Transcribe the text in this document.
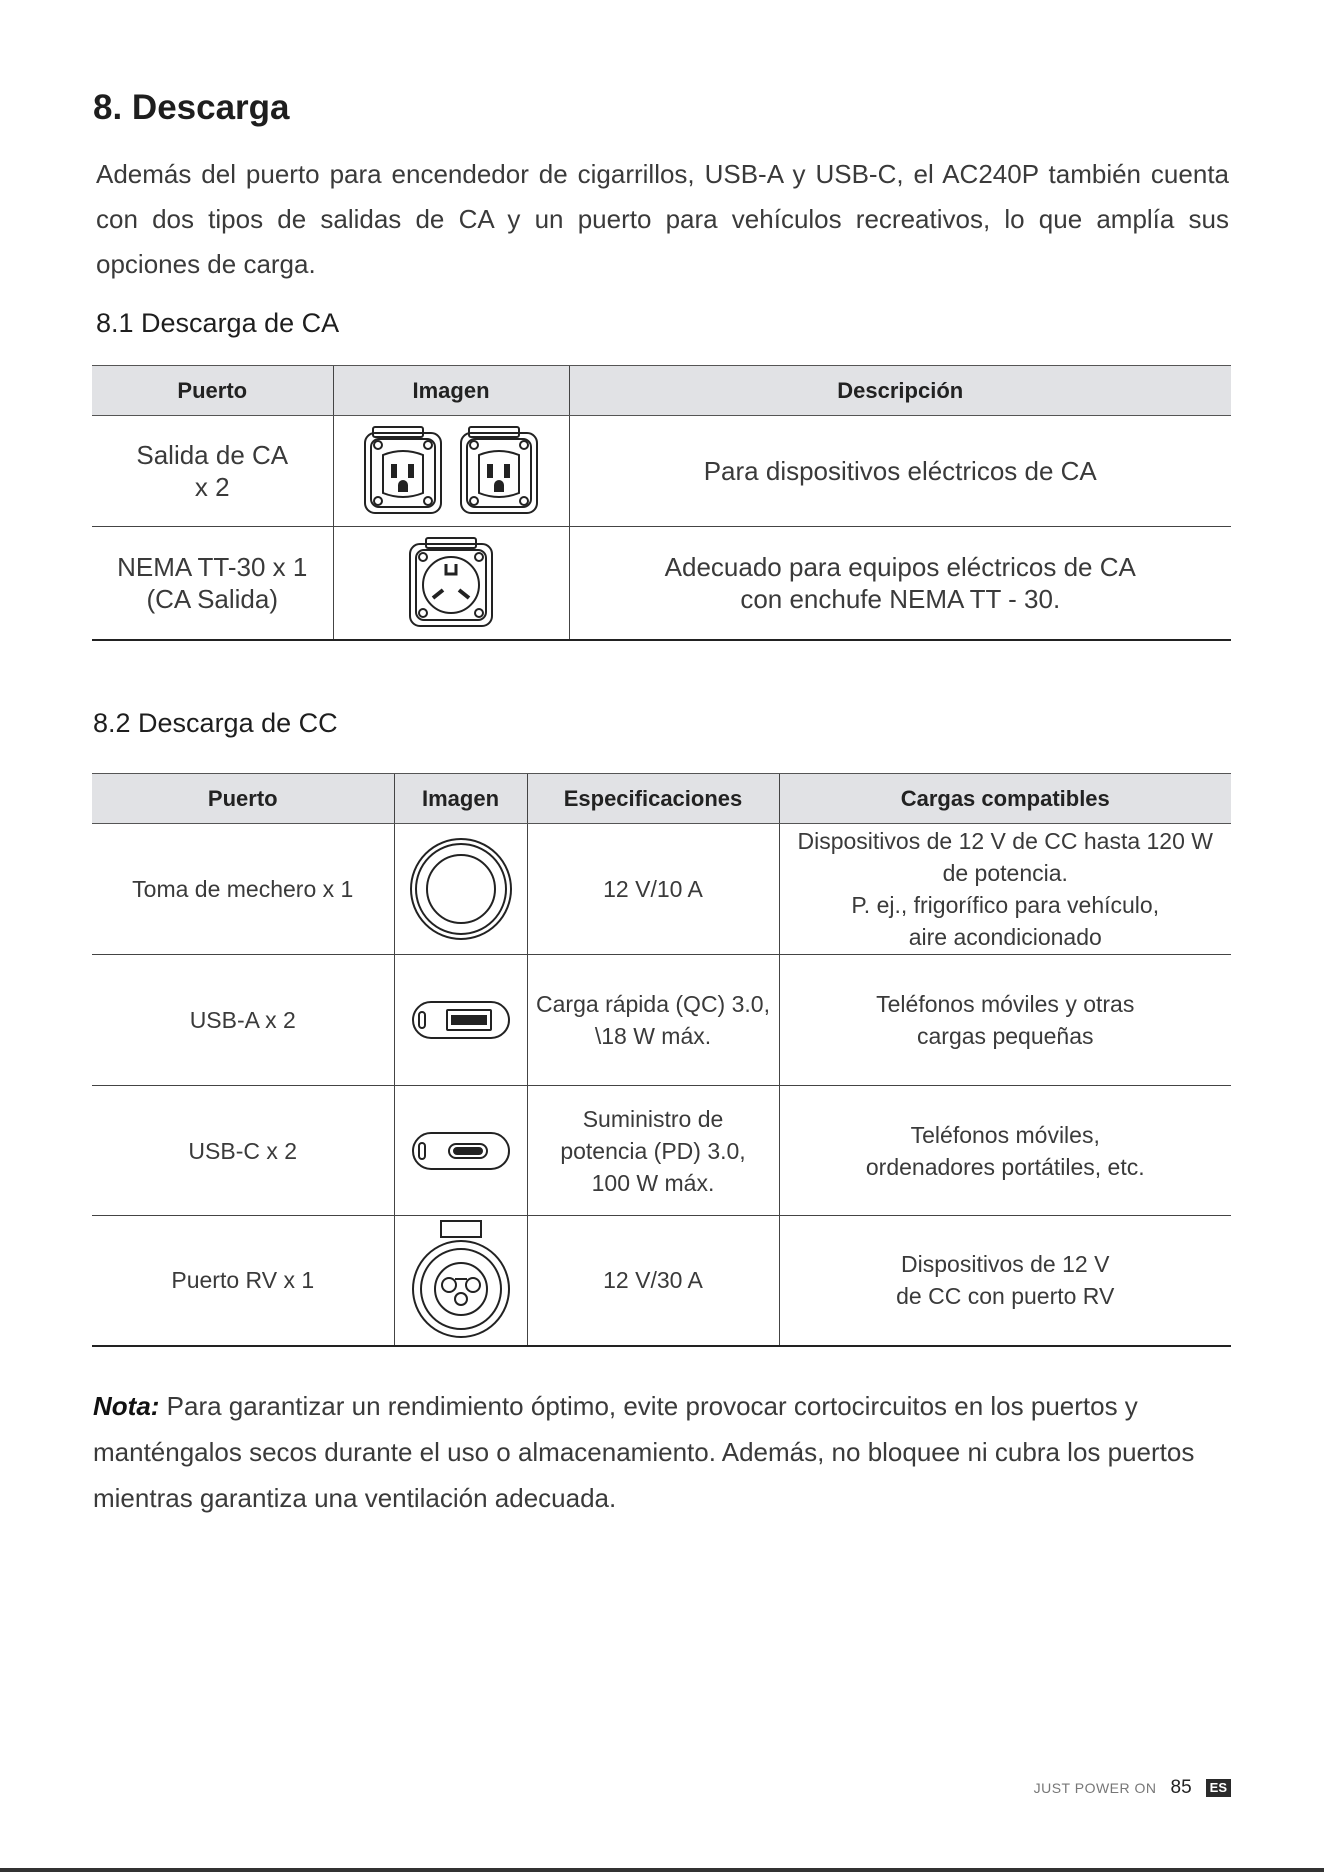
8. Descarga

Además del puerto para encendedor de cigarrillos, USB-A y USB-C, el AC240P también cuenta con dos tipos de salidas de CA y un puerto para vehículos recreativos, lo que amplía sus opciones de carga.

8.1 Descarga de CA
Puerto	Imagen	Descripción
Salida de CA
x 2		Para dispositivos eléctricos de CA
NEMA TT-30 x 1
(CA Salida)		Adecuado para equipos eléctricos de CA
con enchufe NEMA TT - 30.
8.2 Descarga de CC
Puerto	Imagen	Especificaciones	Cargas compatibles
Toma de mechero x 1		12 V/10 A	Dispositivos de 12 V de CC hasta 120 W
de potencia.
P. ej., frigorífico para vehículo,
aire acondicionado
USB-A x 2		Carga rápida (QC) 3.0,
\18 W máx.	Teléfonos móviles y otras
cargas pequeñas
USB-C x 2		Suministro de
potencia (PD) 3.0,
100 W máx.	Teléfonos móviles,
ordenadores portátiles, etc.
Puerto RV x 1		12 V/30 A	Dispositivos de 12 V
de CC con puerto RV

Nota: Para garantizar un rendimiento óptimo, evite provocar cortocircuitos en los puertos y manténgalos secos durante el uso o almacenamiento. Además, no bloquee ni cubra los puertos mientras garantiza una ventilación adecuada.

JUST POWER ON 85	ES
